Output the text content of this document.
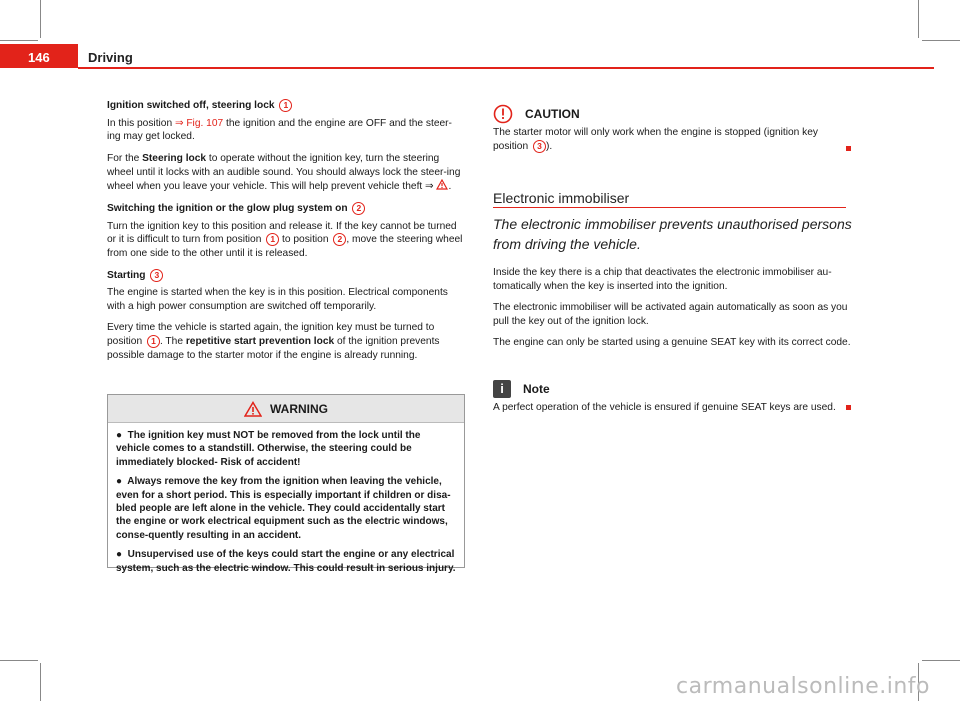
146	Driving

Ignition switched off, steering lock 1

In this position ⇒ Fig. 107 the ignition and the engine are OFF and the steer-ing may get locked.

For the Steering lock to operate without the ignition key, turn the steering wheel until it locks with an audible sound. You should always lock the steer-ing wheel when you leave your vehicle. This will help prevent vehicle theft ⇒ .

Switching the ignition or the glow plug system on 2

Turn the ignition key to this position and release it. If the key cannot be turned or it is difficult to turn from position 1 to position 2 , move the steering wheel from one side to the other until it is released.

Starting 3

The engine is started when the key is in this position. Electrical components with a high power consumption are switched off temporarily.

Every time the vehicle is started again, the ignition key must be turned to position 1 . The repetitive start prevention lock of the ignition prevents possible damage to the starter motor if the engine is already running.

WARNING

● The ignition key must NOT be removed from the lock until the vehicle comes to a standstill. Otherwise, the steering could be immediately blocked- Risk of accident!

● Always remove the key from the ignition when leaving the vehicle, even for a short period. This is especially important if children or disa-bled people are left alone in the vehicle. They could accidentally start the engine or work electrical equipment such as the electric windows, conse-quently resulting in an accident.

● Unsupervised use of the keys could start the engine or any electrical system, such as the electric window. This could result in serious injury.

CAUTION
The starter motor will only work when the engine is stopped (ignition key position 3 ).
Electronic immobiliser
The electronic immobiliser prevents unauthorised persons from driving the vehicle.

Inside the key there is a chip that deactivates the electronic immobiliser au-tomatically when the key is inserted into the ignition.

The electronic immobiliser will be activated again automatically as soon as you pull the key out of the ignition lock.

The engine can only be started using a genuine SEAT key with its correct code.

i	Note
A perfect operation of the vehicle is ensured if genuine SEAT keys are used.
carmanualsonline.info
